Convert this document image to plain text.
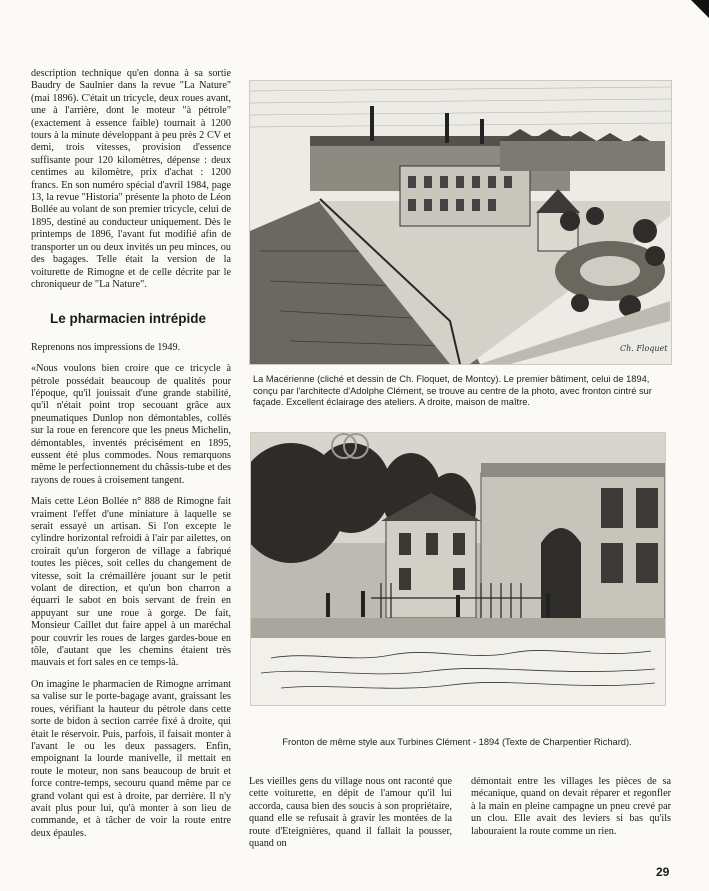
description technique qu'en donna à sa sortie Baudry de Saulnier dans la revue "La Nature" (mai 1896). C'était un tricycle, deux roues avant, une à l'arrière, dont le moteur "à pétrole" (exactement à essence faible) tournait à 1200 tours à la minute développant à peu près 2 CV et demi, trois vitesses, provision d'essence suffisante pour 120 kilomètres, dépense : deux centimes au kilomètre, prix d'achat : 1200 francs. En son numéro spécial d'avril 1984, page 13, la revue "Historia" présente la photo de Léon Bollée au volant de son premier tricycle, celui de 1895, destiné au conducteur uniquement. Dès le printemps de 1896, l'avant fut modifié afin de transporter un ou deux invités un peu minces, ou des bagages. Telle était la version de la voiturette de Rimogne et de celle décrite par le chroniqueur de "La Nature".

Le pharmacien intrépide

Reprenons nos impressions de 1949.

«Nous voulons bien croire que ce tricycle à pétrole possédait beaucoup de qualités pour l'époque, qu'il jouissait d'une grande stabilité, qu'il n'était point trop secouant grâce aux pneumatiques Dunlop non démontables, collés sur la roue en ferencore que les pneus Michelin, démontables, inventés précisément en 1895, eussent été plus commodes. Nous remarquons même le perfectionnement du châssis-tube et des rayons de roues à croisement tangent.

Mais cette Léon Bollée n° 888 de Rimogne fait vraiment l'effet d'une miniature à laquelle se serait essayé un artisan. Si l'on excepte le cylindre horizontal refroidi à l'air par ailettes, on croirait qu'un forgeron de village a fabriqué toutes les pièces, soit celles du changement de vitesse, soit la crémaillère jouant sur le petit volant de direction, et qu'un bon charron a équarri le sabot en bois servant de frein en appuyant sur une roue à gorge. De fait, Monsieur Caillet dut faire appel à un maréchal pour couvrir les roues de larges gardes-boue en tôle, d'autant que les chemins étaient très mauvais et fort sales en ce temps-là.

On imagine le pharmacien de Rimogne arrimant sa valise sur le porte-bagage avant, graissant les roues, vérifiant la hauteur du pétrole dans cette sorte de bidon à section carrée fixé à droite, qui était le réservoir. Puis, parfois, il faisait monter à l'avant le ou les deux passagers. Enfin, empoignant la lourde manivelle, il mettait en route le moteur, non sans beaucoup de bruit et force contre-temps, secouru quand même par ce grand volant qui est à droite, par derrière. Il n'y avait plus pour lui, qu'à monter à son lieu de commande, et à tâcher de voir la route entre deux épaules.

Ch. Floquet
La Macérienne (cliché et dessin de Ch. Floquet, de Montcy). Le premier bâtiment, celui de 1894, conçu par l'architecte d'Adolphe Clément, se trouve au centre de la photo, avec fronton cintré sur façade. Excellent éclairage des ateliers. A droite, maison de maître.
Fronton de même style aux Turbines Clément - 1894 (Texte de Charpentier Richard).

Les vieilles gens du village nous ont raconté que cette voiturette, en dépit de l'amour qu'il lui accorda, causa bien des soucis à son propriétaire, quand elle se refusait à gravir les montées de la route d'Eteignières, quand il fallait la pousser, quand on

démontait entre les villages les pièces de sa mécanique, quand on devait réparer et regonfler à la main en pleine campagne un pneu crevé par un clou. Elle avait des leviers si bas qu'ils labouraient la route comme un rien.

29
